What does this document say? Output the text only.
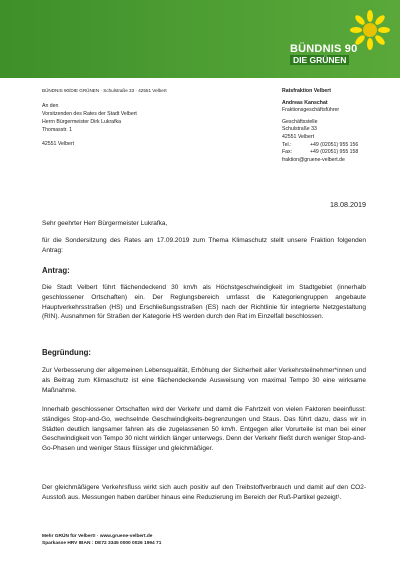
BÜNDNIS 90
DIE GRÜNEN
BÜNDNIS 90/DIE GRÜNEN · Schulstraße 33 · 42551 Velbert
An den
Vorsitzenden des Rates der Stadt Velbert
Herrn Bürgermeister Dirk Lukrafka
Thomasstr. 1
42551 Velbert
Ratsfraktion Velbert
Andreas Kanschat
Fraktionsgeschäftsführer
Geschäftsstelle
Schulstraße 33
42551 Velbert
Tel.:	+49 (02051) 955 156
Fax:	+49 (02051) 955 158
fraktion@gruene-velbert.de
18.08.2019
Sehr geehrter Herr Bürgermeister Lukrafka,
für die Sondersitzung des Rates am 17.09.2019 zum Thema Klimaschutz stellt unsere Fraktion folgenden Antrag:
Antrag:
Die Stadt Velbert führt flächendeckend 30 km/h als Höchstgeschwindigkeit im Stadtgebiet (innerhalb geschlossener Ortschaften) ein. Der Reglungsbereich umfasst die Kategoriengruppen angebaute Hauptverkehrsstraßen (HS) und Erschließungsstraßen (ES) nach der Richtlinie für integrierte Netzgestaltung (RIN). Ausnahmen für Straßen der Kategorie HS werden durch den Rat im Einzelfall beschlossen.
Begründung:
Zur Verbesserung der allgemeinen Lebensqualität, Erhöhung der Sicherheit aller Verkehrsteilnehmer*innen und als Beitrag zum Klimaschutz ist eine flächendeckende Ausweisung von maximal Tempo 30 eine wirksame Maßnahme.
Innerhalb geschlossener Ortschaften wird der Verkehr und damit die Fahrtzeit von vielen Faktoren beeinflusst: ständiges Stop-and-Go, wechselnde Geschwindigkeits-begrenzungen und Staus. Das führt dazu, dass wir in Städten deutlich langsamer fahren als die zugelassenen 50 km/h. Entgegen aller Vorurteile ist man bei einer Geschwindigkeit von Tempo 30 nicht wirklich länger unterwegs. Denn der Verkehr fließt durch weniger Stop-and-Go-Phasen und weniger Staus flüssiger und gleichmäßiger.
Der gleichmäßigere Verkehrsfluss wirkt sich auch positiv auf den Treibstoffverbrauch und damit auf den CO2-Ausstoß aus. Messungen haben darüber hinaus eine Reduzierung im Bereich der Ruß-Partikel gezeigt¹.
Mehr GRÜN für Velbert! · www.gruene-velbert.de
Sparkasse HRV IBAN : DE72 3345 0000 0026 1994 71
